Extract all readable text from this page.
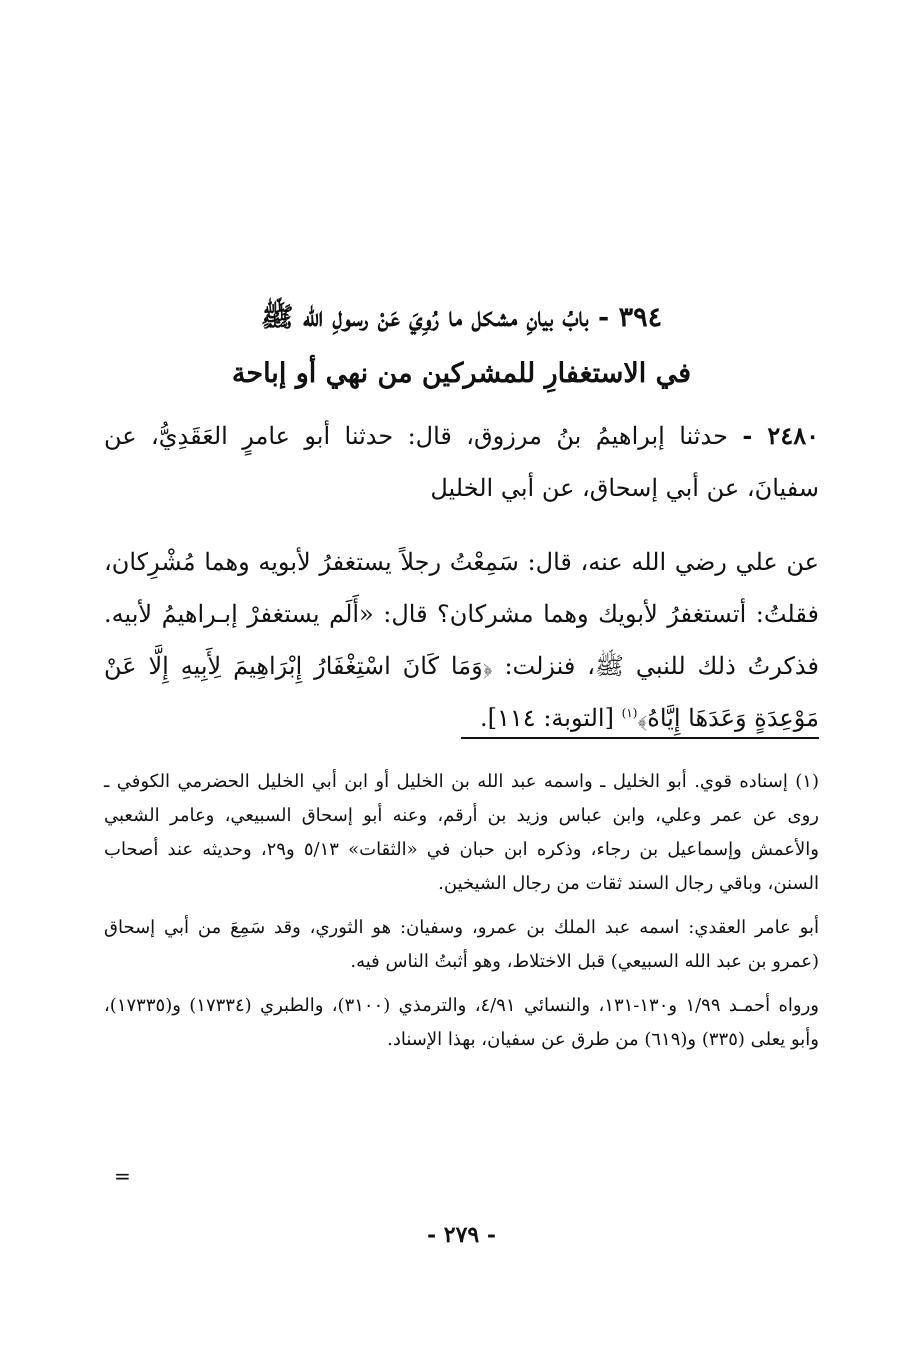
٣٩٤ - بابُ بيانِ مشكل ما رُوِيَ عَنْ رسولِ الله ﷺ
في الاستغفارِ للمشركين من نهي أو إباحة

٢٤٨٠ - حدثنا إبراهيمُ بنُ مرزوق، قال: حدثنا أبو عامرٍ العَقَدِيُّ، عن سفيانَ، عن أبي إسحاق، عن أبي الخليل

عن علي رضي الله عنه، قال: سَمِعْتُ رجلاً يستغفرُ لأبويه وهما مُشْرِكان، فقلتُ: أتستغفرُ لأبويك وهما مشركان؟ قال: «أَلَم يستغفرْ إبـراهيمُ لأبيه. فذكرتُ ذلك للنبي ﷺ، فنزلت: ﴿وَمَا كَانَ اسْتِغْفَارُ إِبْرَاهِيمَ لِأَبِيهِ إِلَّا عَنْ مَوْعِدَةٍ وَعَدَهَا إِيَّاهُ﴾$^{(١)}$ [التوبة: ١١٤].

(١) إسناده قوي. أبو الخليل ـ واسمه عبد الله بن الخليل أو ابن أبي الخليل الحضرمي الكوفي ـ روى عن عمر وعلي، وابن عباس وزيد بن أرقم، وعنه أبو إسحاق السبيعي، وعامر الشعبي والأعمش وإسماعيل بن رجاء، وذكره ابن حبان في «الثقات» ٥/١٣ و٢٩، وحديثه عند أصحاب السنن، وباقي رجال السند ثقات من رجال الشيخين.

أبو عامر العقدي: اسمه عبد الملك بن عمرو، وسفيان: هو الثوري، وقد سَمِعَ من أبي إسحاق (عمرو بن عبد الله السبيعي) قبل الاختلاط، وهو أثبتُ الناس فيه.

ورواه أحمـد ١/٩٩ و١٣٠-١٣١، والنسائي ٤/٩١، والترمذي (٣١٠٠)، والطبري (١٧٣٣٤) و(١٧٣٣٥)، وأبو يعلى (٣٣٥) و(٦١٩) من طرق عن سفيان، بهذا الإسناد.

=
- ٢٧٩ -
